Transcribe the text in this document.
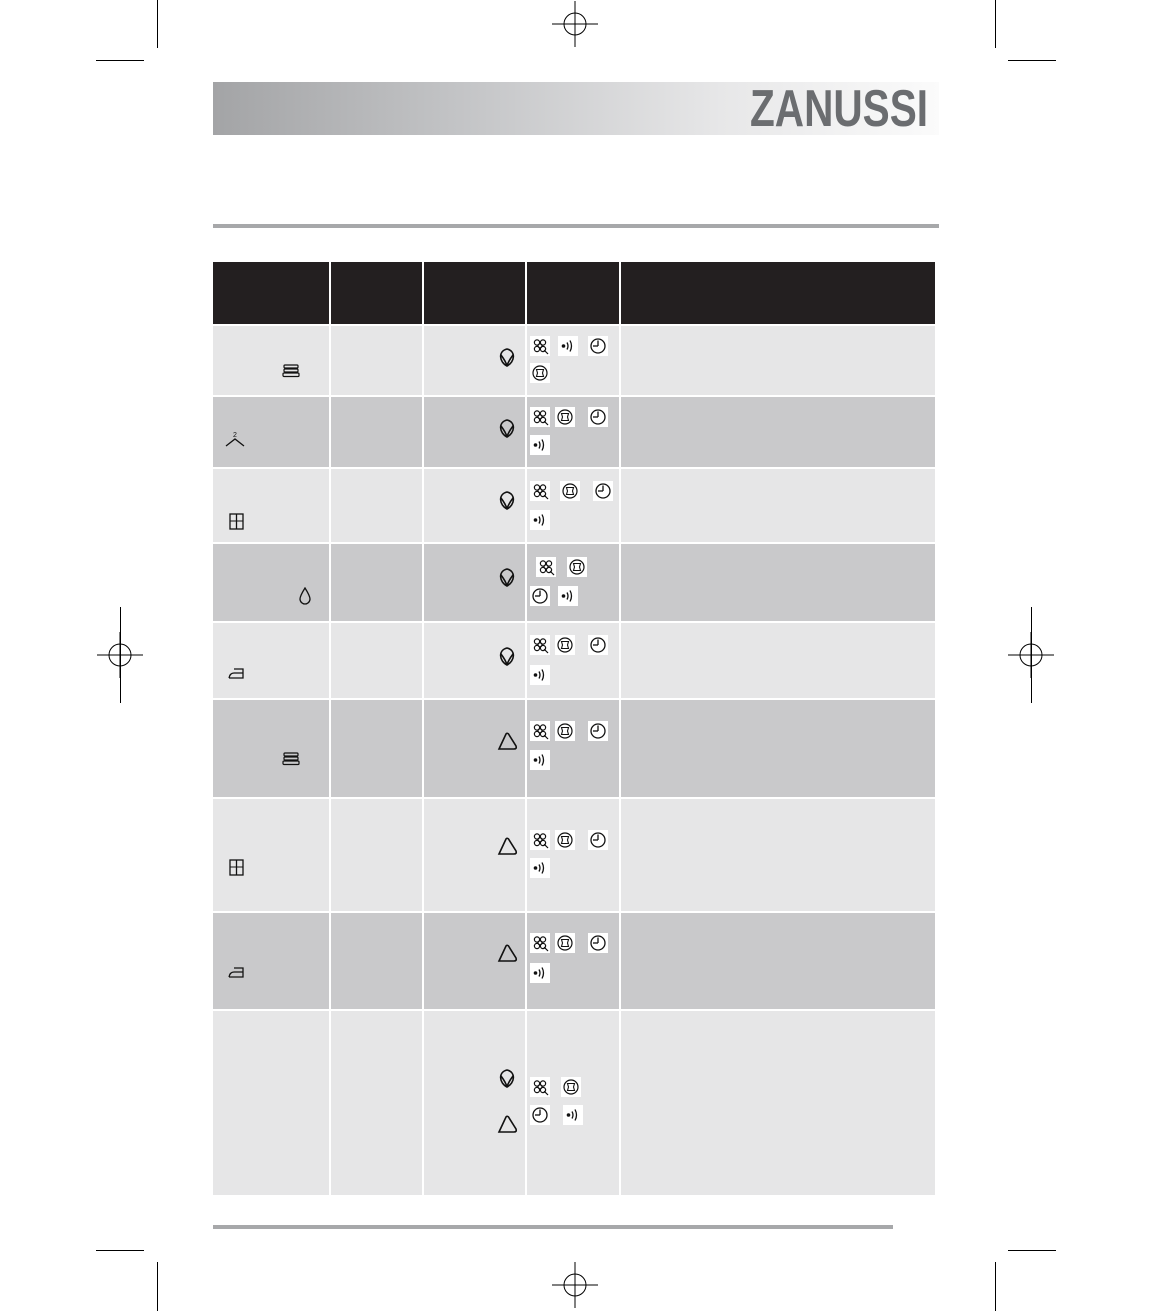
ZANUSSI
2
